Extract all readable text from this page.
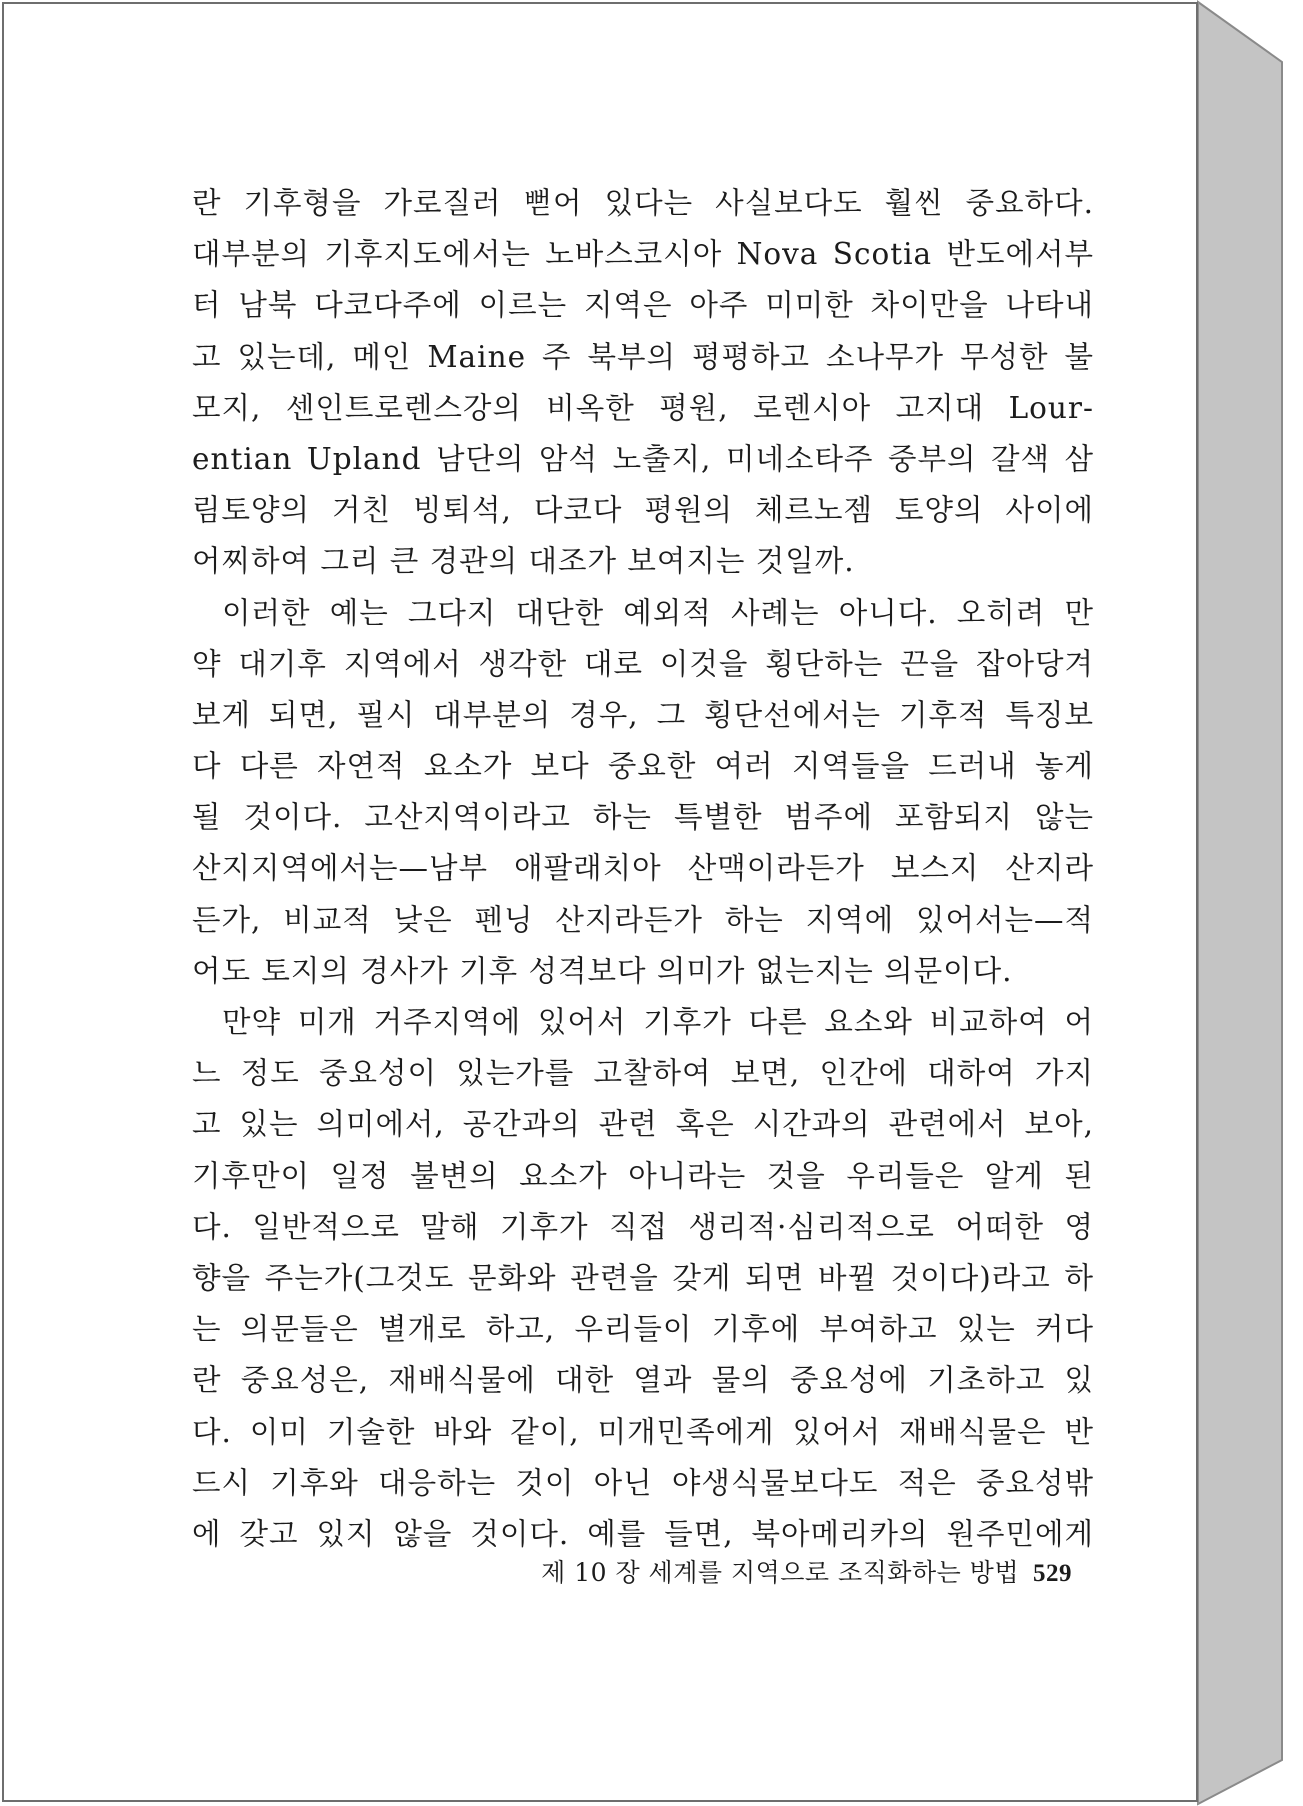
란 기후형을 가로질러 뻗어 있다는 사실보다도 훨씬 중요하다.
대부분의 기후지도에서는 노바스코시아 Nova Scotia 반도에서부
터 남북 다코다주에 이르는 지역은 아주 미미한 차이만을 나타내
고 있는데, 메인 Maine 주 북부의 평평하고 소나무가 무성한 불
모지, 센인트로렌스강의 비옥한 평원, 로렌시아 고지대 Lour-
entian Upland 남단의 암석 노출지, 미네소타주 중부의 갈색 삼
림토양의 거친 빙퇴석, 다코다 평원의 체르노젬 토양의 사이에
어찌하여 그리 큰 경관의 대조가 보여지는 것일까.
이러한 예는 그다지 대단한 예외적 사례는 아니다. 오히려 만
약 대기후 지역에서 생각한 대로 이것을 횡단하는 끈을 잡아당겨
보게 되면, 필시 대부분의 경우, 그 횡단선에서는 기후적 특징보
다 다른 자연적 요소가 보다 중요한 여러 지역들을 드러내 놓게
될 것이다. 고산지역이라고 하는 특별한 범주에 포함되지 않는
산지지역에서는—남부 애팔래치아 산맥이라든가 보스지 산지라
든가, 비교적 낮은 펜닝 산지라든가 하는 지역에 있어서는—적
어도 토지의 경사가 기후 성격보다 의미가 없는지는 의문이다.
만약 미개 거주지역에 있어서 기후가 다른 요소와 비교하여 어
느 정도 중요성이 있는가를 고찰하여 보면, 인간에 대하여 가지
고 있는 의미에서, 공간과의 관련 혹은 시간과의 관련에서 보아,
기후만이 일정 불변의 요소가 아니라는 것을 우리들은 알게 된
다. 일반적으로 말해 기후가 직접 생리적·심리적으로 어떠한 영
향을 주는가(그것도 문화와 관련을 갖게 되면 바뀔 것이다)라고 하
는 의문들은 별개로 하고, 우리들이 기후에 부여하고 있는 커다
란 중요성은, 재배식물에 대한 열과 물의 중요성에 기초하고 있
다. 이미 기술한 바와 같이, 미개민족에게 있어서 재배식물은 반
드시 기후와 대응하는 것이 아닌 야생식물보다도 적은 중요성밖
에 갖고 있지 않을 것이다. 예를 들면, 북아메리카의 원주민에게
제 10 장 세계를 지역으로 조직화하는 방법 529
